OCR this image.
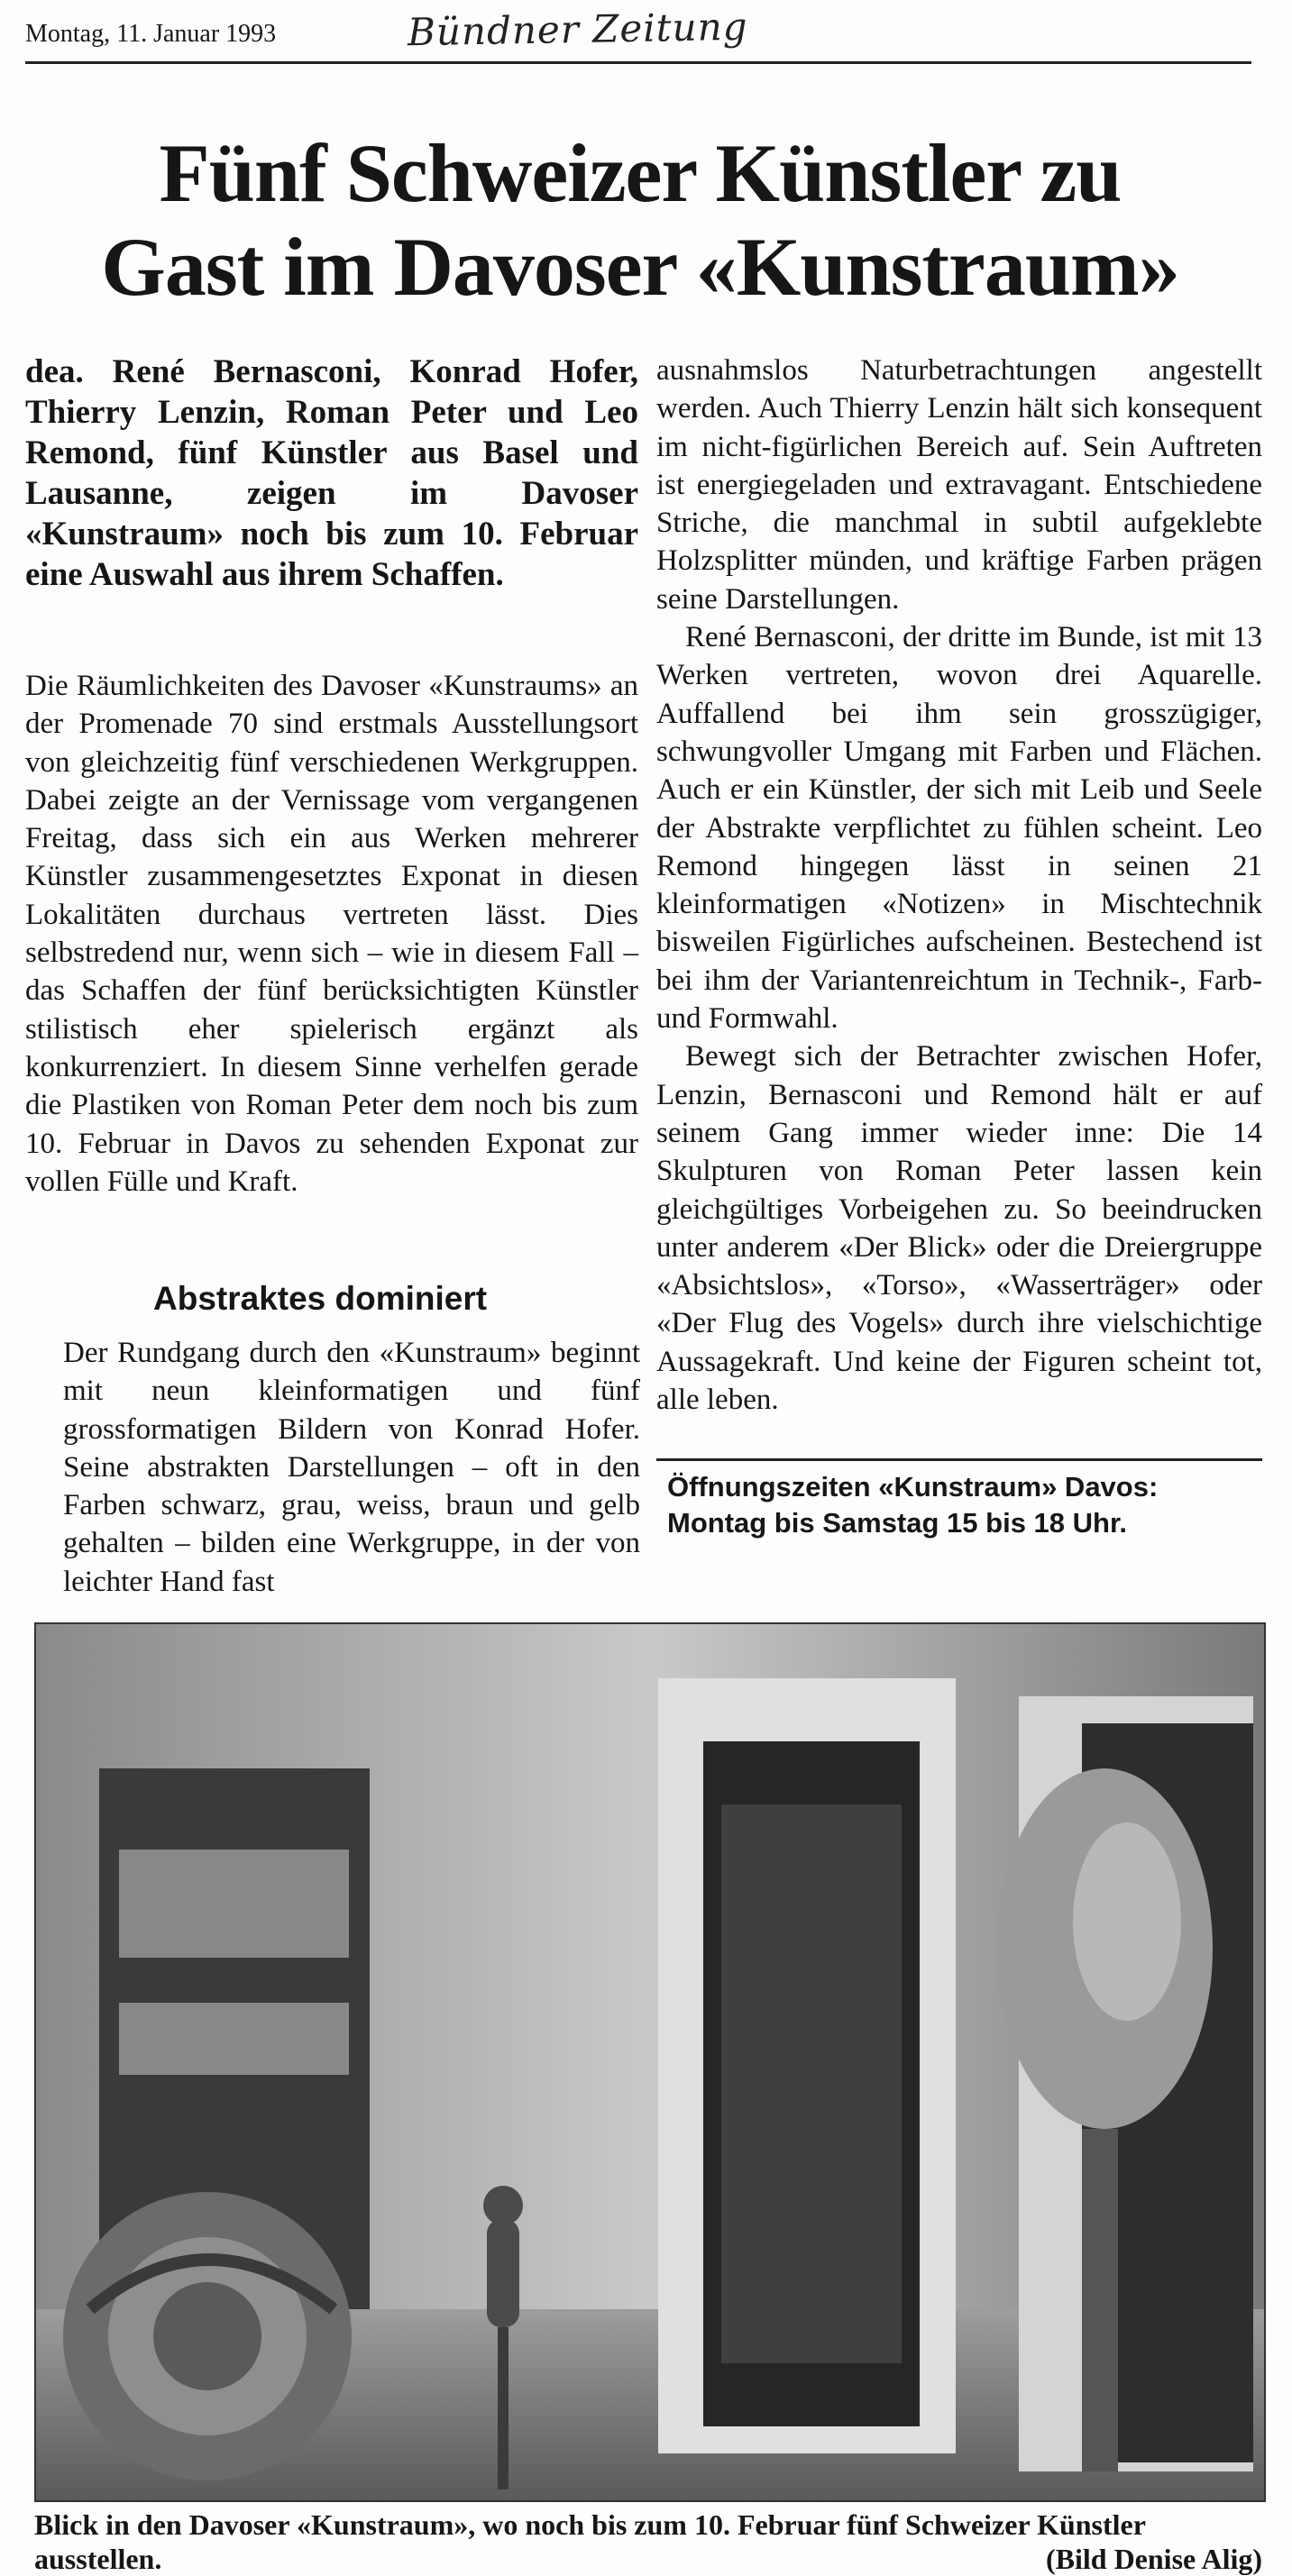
Montag, 11. Januar 1993	Bündner Zeitung
Fünf Schweizer Künstler zu
Gast im Davoser «Kunstraum»
dea. René Bernasconi, Konrad Hofer, Thierry Lenzin, Roman Peter und Leo Remond, fünf Künstler aus Basel und Lausanne, zeigen im Davoser «Kunstraum» noch bis zum 10. Februar eine Auswahl aus ihrem Schaffen.

Die Räumlichkeiten des Davoser «Kunstraums» an der Promenade 70 sind erstmals Ausstellungsort von gleichzeitig fünf verschiedenen Werkgruppen. Dabei zeigte an der Vernissage vom vergangenen Freitag, dass sich ein aus Werken mehrerer Künstler zusammengesetztes Exponat in diesen Lokalitäten durchaus vertreten lässt. Dies selbstredend nur, wenn sich – wie in diesem Fall – das Schaffen der fünf berücksichtigten Künstler stilistisch eher spielerisch ergänzt als konkurrenziert. In diesem Sinne verhelfen gerade die Plastiken von Roman Peter dem noch bis zum 10. Februar in Davos zu sehenden Exponat zur vollen Fülle und Kraft.

Abstraktes dominiert

Der Rundgang durch den «Kunstraum» beginnt mit neun kleinformatigen und fünf grossformatigen Bildern von Konrad Hofer. Seine abstrakten Darstellungen – oft in den Farben schwarz, grau, weiss, braun und gelb gehalten – bilden eine Werkgruppe, in der von leichter Hand fast

ausnahmslos Naturbetrachtungen angestellt werden. Auch Thierry Lenzin hält sich konsequent im nicht-figürlichen Bereich auf. Sein Auftreten ist energiegeladen und extravagant. Entschiedene Striche, die manchmal in subtil aufgeklebte Holzsplitter münden, und kräftige Farben prägen seine Darstellungen.

René Bernasconi, der dritte im Bunde, ist mit 13 Werken vertreten, wovon drei Aquarelle. Auffallend bei ihm sein grosszügiger, schwungvoller Umgang mit Farben und Flächen. Auch er ein Künstler, der sich mit Leib und Seele der Abstrakte verpflichtet zu fühlen scheint. Leo Remond hingegen lässt in seinen 21 kleinformatigen «Notizen» in Mischtechnik bisweilen Figürliches aufscheinen. Bestechend ist bei ihm der Variantenreichtum in Technik-, Farb- und Formwahl.

Bewegt sich der Betrachter zwischen Hofer, Lenzin, Bernasconi und Remond hält er auf seinem Gang immer wieder inne: Die 14 Skulpturen von Roman Peter lassen kein gleichgültiges Vorbeigehen zu. So beeindrucken unter anderem «Der Blick» oder die Dreiergruppe «Absichtslos», «Torso», «Wasserträger» oder «Der Flug des Vogels» durch ihre vielschichtige Aussagekraft. Und keine der Figuren scheint tot, alle leben.

Öffnungszeiten «Kunstraum» Davos: Montag bis Samstag 15 bis 18 Uhr.
Blick in den Davoser «Kunstraum», wo noch bis zum 10. Februar fünf Schweizer Künstler ausstellen.	(Bild Denise Alig)
